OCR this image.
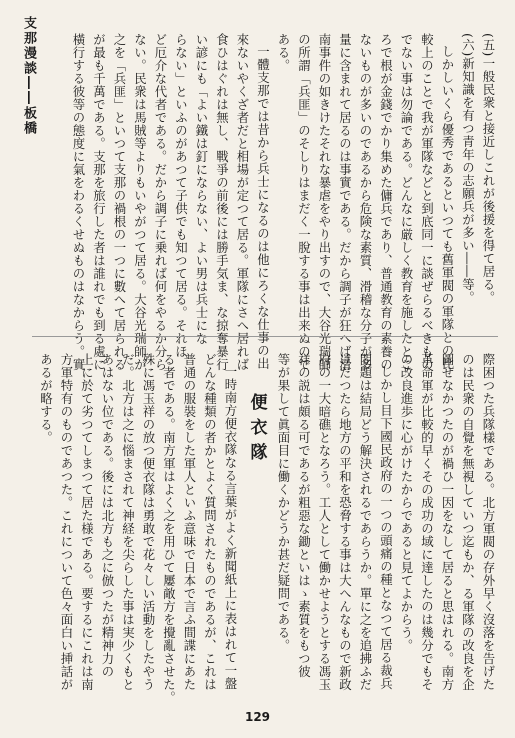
支那漫談――板橋	(五)一般民衆と接近しこれが後援を得て居る。
(六)新知識を有つ青年の志願兵が多い――等。
しかしいくら優秀であるといつても舊軍閥の軍隊との比
較上のことで我が軍隊などと到底同一に談ぜらるべきもの
でない事は勿論である。どんなに厳しく教育を施したとこ
ろで根が金錢でかり集めた傭兵であり、普通教育の素養の
ないものが多いのであるから危険な素質、滑稽な分子が多
量に含まれて居るのは事實である。だから調子が狂へば滑
南事件の如きけたそれな暴虐をやり出すので、大谷光瑞師
の所謂「兵匪」のそしりはまだく一脫する事は出来ぬので
ある。
一體支那では昔から兵士になるのは他にろくな仕事の出
來ないやくざ者だと相場が定つて居る。軍隊にさへ居れば
食ひはぐれは無し、戰爭の前後には勝手気ま、な掠奪暴行
い諺にも「よい鐵は釘にならない、よい男は兵士にな
らない」といふのがあつて子供でも知つて居る。それほ
ど厄介な代者である。だから調子に乗れば何をやるか分ら
ない。民衆は馬賊等よりもいやがつて居る。大谷光瑞師が
之を「兵匪」といつて支那の禍根の一つに數へて居られる
が最も千萬である。支那を旅行した者は誰れでも到る處に
橫行する彼等の態度に氣をわるくせぬものはなからう。實
際困つた兵隊樣である。北方軍閥の存外早く沒落を告げた
のは民衆の自覺を無視していつ迄もか、る軍隊の改良を企
圖せなかつたのが禍ひ一因をなして居ると思はれる。南方
革命軍が比較的早くその成功の域に達したのは幾分でもそ
の改良進歩に心がけたからであると見てよからう。
しかし目下國民政府の一つの頭痛の種となつて居る裁兵
問題は結局どう解決されるであらうか。單に之を追拂ふだ
けだつたら地方の平和を恐脅する事は大へんなもので新政
府の一大暗礁となろう。工人として働かせようとする馮玉
祥の説は頗る可であるが粗惡な鋤といはゝ素質をもつ彼
等が果して眞面目に働くかどうか甚だ疑問である。
便衣隊
一時南方便衣隊なる言葉がよく新聞紙上に表はれて一盤
どんな種類の者かとよく質問されたものであるが、これは
普通の服裝をした軍人といふ意味で日本で言ふ間諜にあた
る者である。南方軍はよく之を用ひて屢敵方を攪亂させた。
殊に馮玉祥の放つ便衣隊は勇敢で花々しい活動をしたやう
だ。北方は之に惱まされて神経を尖らした事は実少くもと
あはない位である。後には北方も之に倣つたが精神力の
上に於て劣つてしまつて居た様である。要するにこれは南
方軍特有のものであつた。これについて色々面白い挿話が
あるが略する。
129
